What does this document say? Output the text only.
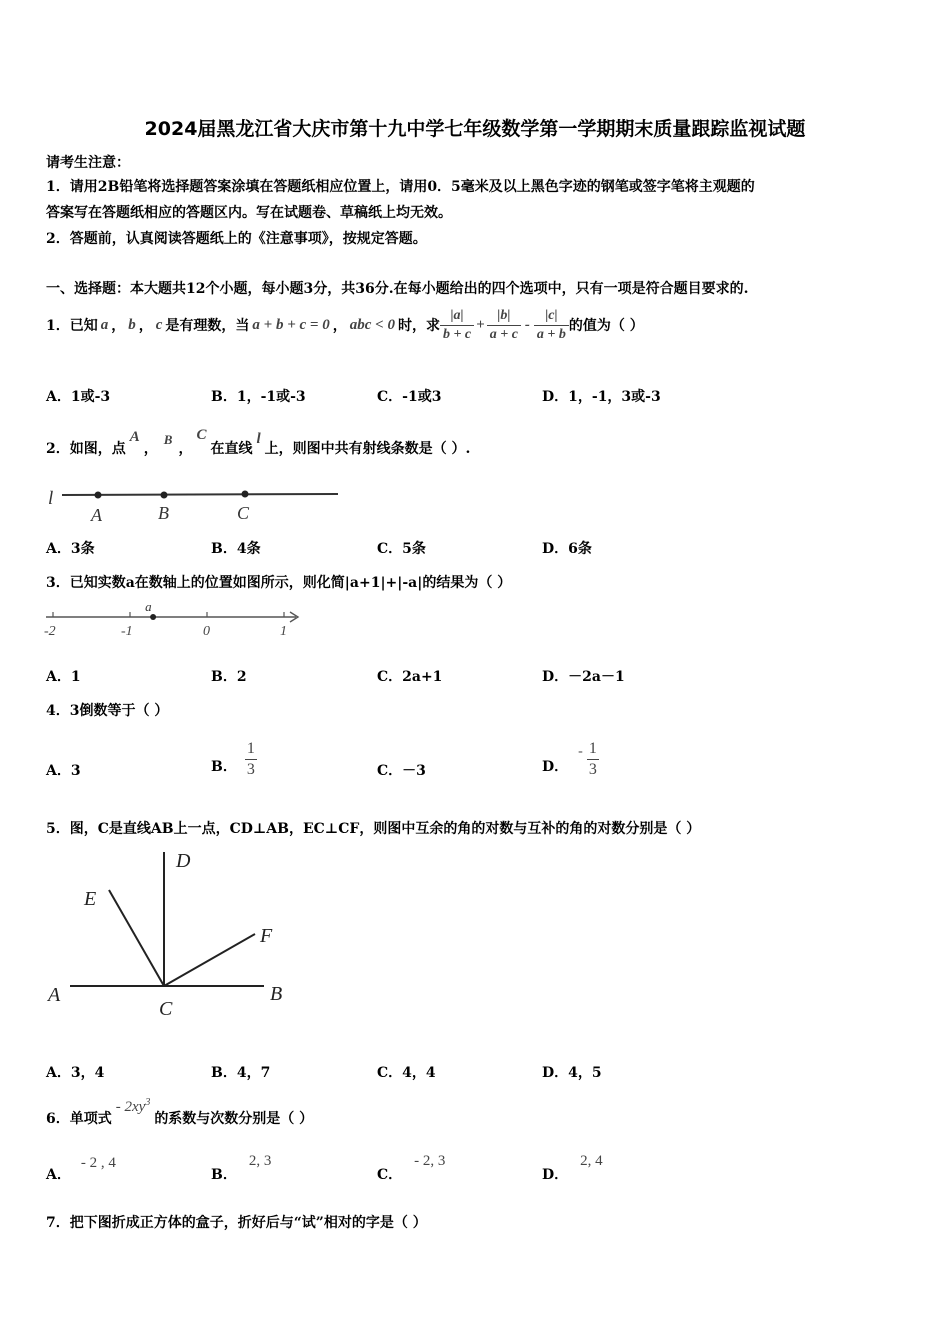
2024届黑龙江省大庆市第十九中学七年级数学第一学期期末质量跟踪监视试题
请考生注意：
1．请用2B铅笔将选择题答案涂填在答题纸相应位置上，请用0．5毫米及以上黑色字迹的钢笔或签字笔将主观题的
答案写在答题纸相应的答题区内。写在试题卷、草稿纸上均无效。
2．答题前，认真阅读答题纸上的《注意事项》，按规定答题。
一、选择题：本大题共12个小题，每小题3分，共36分.在每小题给出的四个选项中，只有一项是符合题目要求的.
1．已知 a ， b ， c 是有理数，当 a + b + c = 0 ， abc < 0 时，求 $\frac{|a|}{b + c} + \frac{|b|}{a + c} - \frac{|c|}{a + b}$ 的值为（ ）
A．1或-3	B．1，-1或-3	C．-1或3	D．1，-1，3或-3
2．如图，点
A
，
B
，
C
在直线
l
上，则图中共有射线条数是（ ）.
l
A	B	C
A．3条	B．4条	C．5条	D．6条
3．已知实数a在数轴上的位置如图所示，则化简|a+1|+|-a|的结果为（ ）
-2	-1	0	1
a
A．1	B．2	C．2a+1	D．－2a－1
4．3倒数等于（ ）
A．3	B． $\frac{1}{3}$	C．－3	D．
- $\frac{1}{3}$
5．图，C是直线AB上一点，CD⊥AB，EC⊥CF，则图中互余的角的对数与互补的角的对数分别是（ ）
A	B
C
D
E
F
A．3，4	B．4，7	C．4，4	D．4，5
6．单项式
- $2xy^3$
的系数与次数分别是（ ）
A．
- 2 , 4
B．
2, 3
C．
- 2, 3
D．
2, 4
7．把下图折成正方体的盒子，折好后与“试”相对的字是（ ）
